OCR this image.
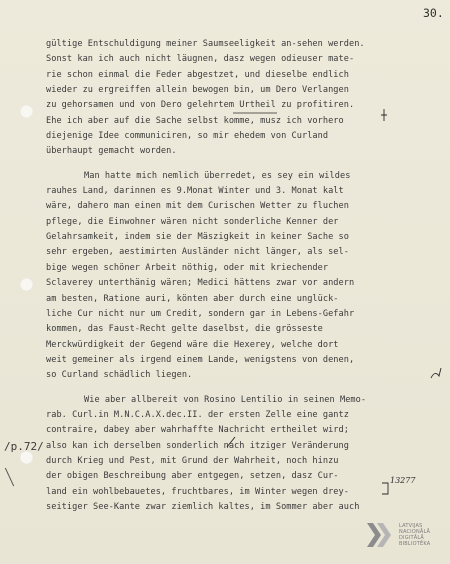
30.
/p.72/
gültige Entschuldigung meiner Saumseeligkeit an-sehen werden.
Sonst kan ich auch nicht läugnen, dasz wegen odieuser mate-
rie schon einmal die Feder abgestzet, und dieselbe endlich
wieder zu ergreiffen allein bewogen bin, um Dero Verlangen
zu gehorsamen und von Dero gelehrtem Urtheil zu profitiren.
Ehe ich aber auf die Sache selbst komme, musz ich vorhero
diejenige Idee communiciren, so mir ehedem von Curland
überhaupt gemacht worden.
Man hatte mich nemlich überredet, es sey ein wildes
rauhes Land, darinnen es 9.Monat Winter und 3. Monat kalt
wäre, dahero man einen mit dem Curischen Wetter zu fluchen
pflege, die Einwohner wären nicht sonderliche Kenner der
Gelahrsamkeit, indem sie der Mäszigkeit in keiner Sache so
sehr ergeben, aestimirten Ausländer nicht länger, als sel-
bige wegen schöner Arbeit nöthig, oder mit kriechender
Sclaverey unterthänig wären; Medici hättens zwar vor andern
am besten, Ratione auri, könten aber durch eine unglück-
liche Cur nicht nur um Credit, sondern gar in Lebens-Gefahr
kommen, das Faust-Recht gelte daselbst, die grösseste
Merckwürdigkeit der Gegend wäre die Hexerey, welche dort
weit gemeiner als irgend einem Lande, wenigstens von denen,
so Curland schädlich liegen.
Wie aber allbereit von Rosino Lentilio in seinen Memo-
rab. Curl.in M.N.C.A.X.dec.II. der ersten Zelle eine gantz
contraire, dabey aber wahrhaffte Nachricht ertheilet wird;
also kan ich derselben sonderlich nach itziger Veränderung
durch Krieg und Pest, mit Grund der Wahrheit, noch hinzu
der obigen Beschreibung aber entgegen, setzen, dasz Cur-
land ein wohlbebauetes, fruchtbares, im Winter wegen drey-
seitiger See-Kante zwar ziemlich kaltes, im Sommer aber auch
13277
LATVIJAS
NACIONĀLĀ
DIGITĀLĀ
BIBLIOTĒKA
